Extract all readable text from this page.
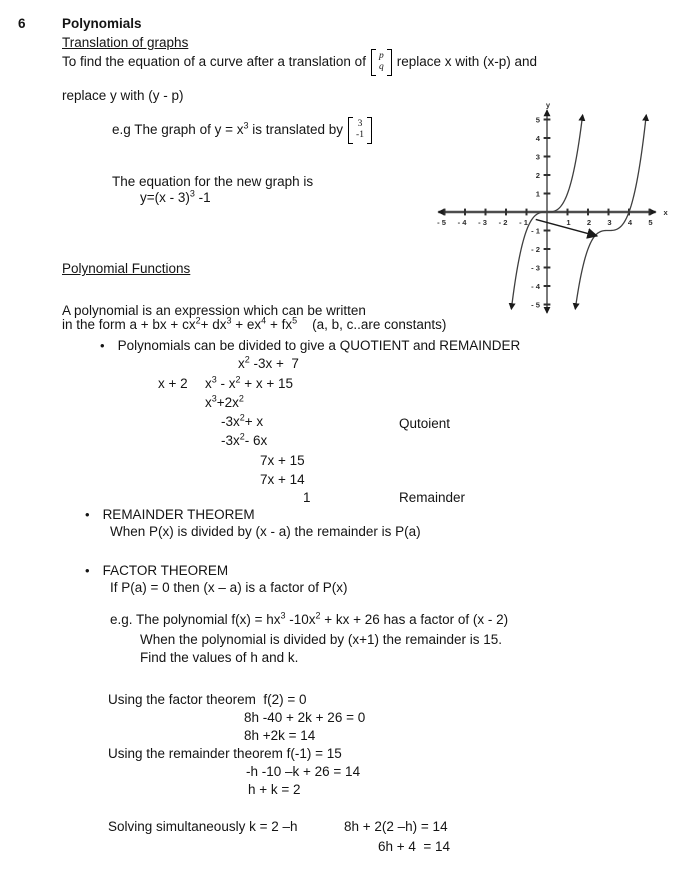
6	Polynomials
Translation of graphs
To find the equation of a curve after a translation of p
q replace x with (x-p) and
replace y with (y - p)
e.g The graph of $y = x^3$ is translated by 3
-1
The equation for the new graph is
y=(x - 3)$^3$ -1
- 5 - 4 - 3 - 2 - 1	1 2 3 4 5
5
4
3
2
1
- 1
- 2
- 3
- 4
- 5
x
y
Polynomial Functions
A polynomial is an expression which can be written
in the form a + bx + $cx^2+ dx^3 + ex^4 + fx^5$    (a, b, c..are constants)
• Polynomials can be divided to give a QUOTIENT and REMAINDER
$x^2$ -3x +  7
x + 2 $x^3 - x^2 + x + 15$
$x^3+2x^2$
$-3x^2+ x$	Qutoient
$-3x^2-$ 6x
7x + 15
7x + 14
1	Remainder
• REMAINDER THEOREM
When P(x) is divided by (x - a) the remainder is P(a)
• FACTOR THEOREM
If P(a) = 0 then (x – a) is a factor of P(x)
e.g. The polynomial $f(x) = hx^3$ $-10x^2$ + kx + 26 has a factor of (x - 2)
When the polynomial is divided by (x+1) the remainder is 15.
Find the values of h and k.
Using the factor theorem  f(2) = 0
8h -40 + 2k + 26 = 0
8h +2k = 14
Using the remainder theorem f(-1) = 15
-h -10 –k + 26 = 14
h + k = 2
Solving simultaneously k = 2 –h	8h + 2(2 –h) = 14
6h + 4  = 14
